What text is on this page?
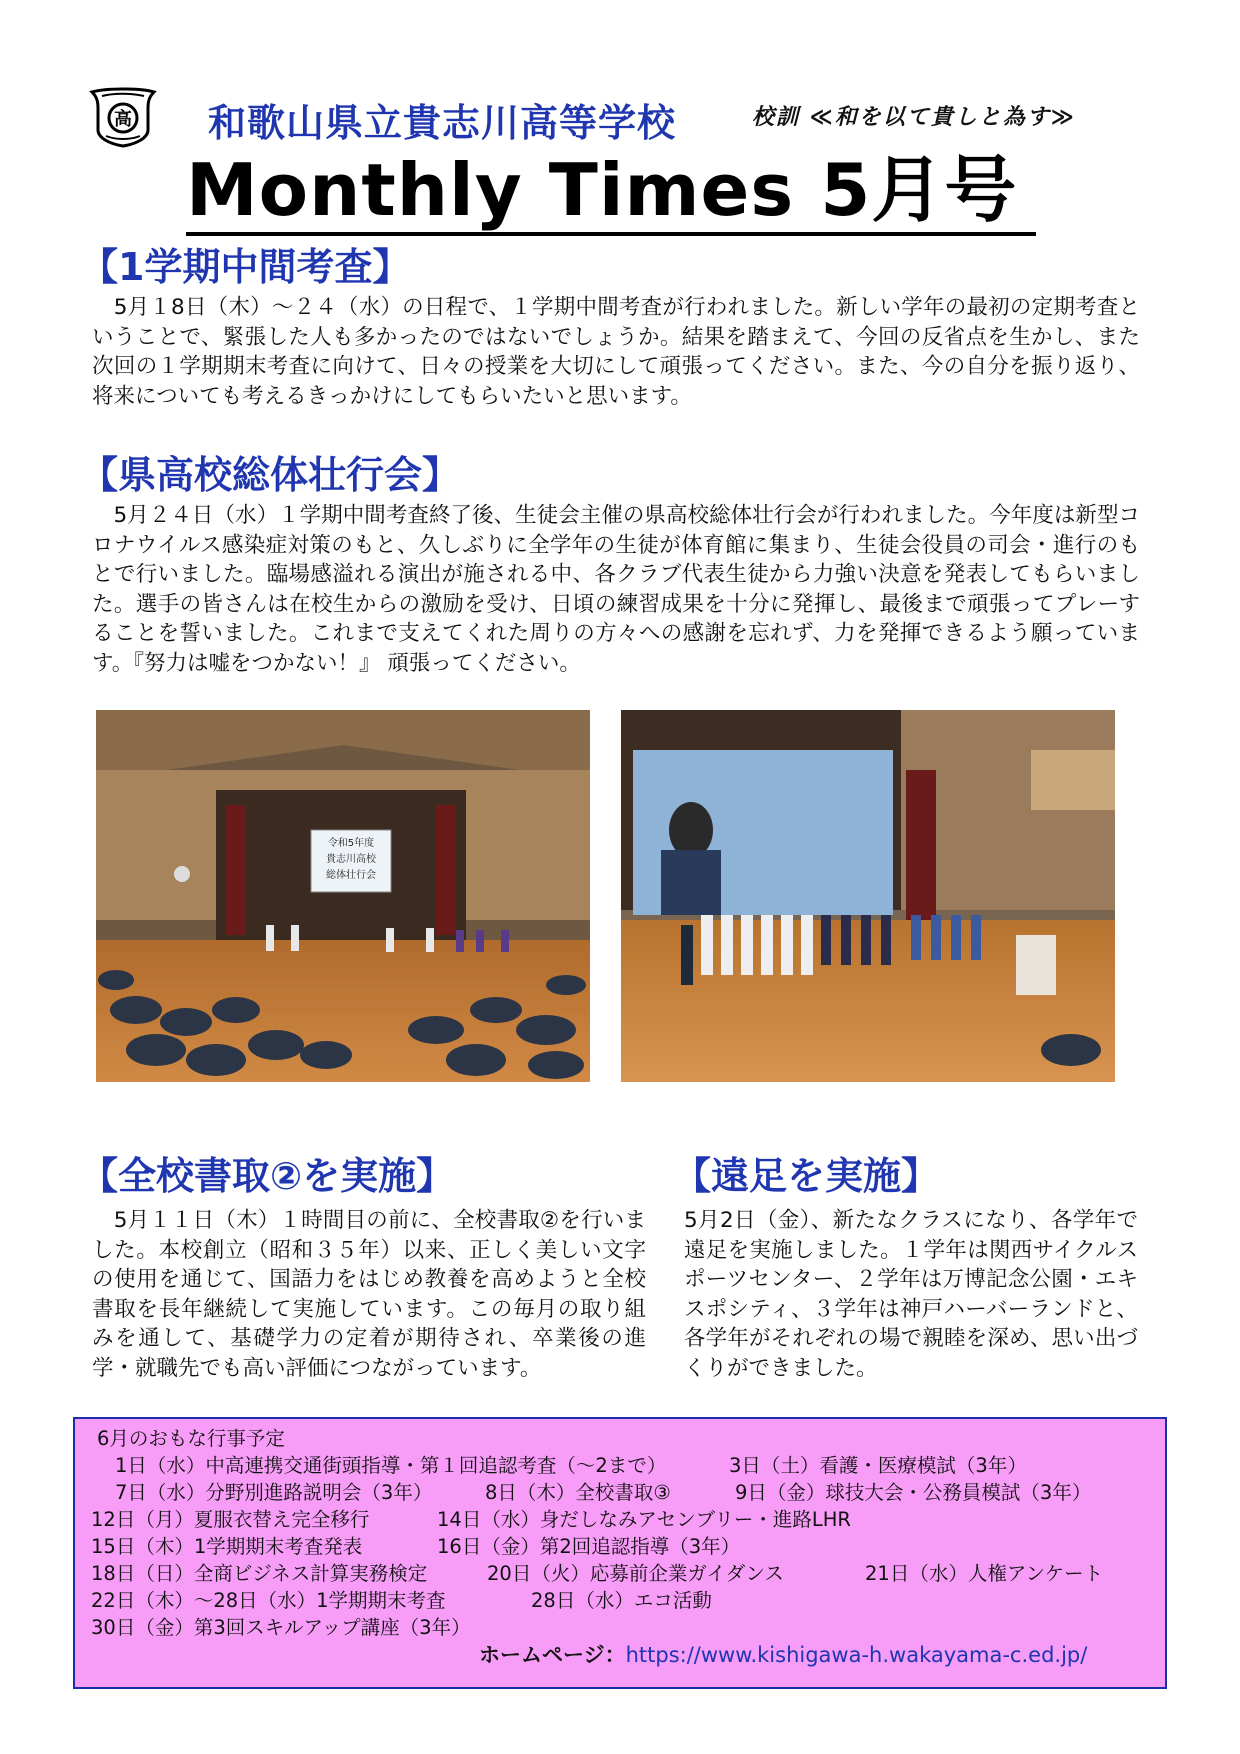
高 和歌山県立貴志川高等学校	校訓 ≪和を以て貴しと為す≫
Monthly Times 5月号
【1学期中間考査】
　5月１8日（木）～２４（水）の日程で、１学期中間考査が行われました。新しい学年の最初の定期考査ということで、緊張した人も多かったのではないでしょうか。結果を踏まえて、今回の反省点を生かし、また次回の１学期期末考査に向けて、日々の授業を大切にして頑張ってください。また、今の自分を振り返り、将来についても考えるきっかけにしてもらいたいと思います。
【県高校総体壮行会】
　5月２４日（水）１学期中間考査終了後、生徒会主催の県高校総体壮行会が行われました。今年度は新型コロナウイルス感染症対策のもと、久しぶりに全学年の生徒が体育館に集まり、生徒会役員の司会・進行のもとで行いました。臨場感溢れる演出が施される中、各クラブ代表生徒から力強い決意を発表してもらいました。選手の皆さんは在校生からの激励を受け、日頃の練習成果を十分に発揮し、最後まで頑張ってプレーすることを誓いました。これまで支えてくれた周りの方々への感謝を忘れず、力を発揮できるよう願っています。『努力は嘘をつかない！』 頑張ってください。
令和5年度
貴志川高校
総体壮行会
【全校書取②を実施】
　5月１１日（木）１時間目の前に、全校書取②を行いました。本校創立（昭和３５年）以来、正しく美しい文字の使用を通じて、国語力をはじめ教養を高めようと全校書取を長年継続して実施しています。この毎月の取り組みを通して、基礎学力の定着が期待され、卒業後の進学・就職先でも高い評価につながっています。
【遠足を実施】
5月2日（金）、新たなクラスになり、各学年で遠足を実施しました。１学年は関西サイクルスポーツセンター、２学年は万博記念公園・エキスポシティ、３学年は神戸ハーバーランドと、各学年がそれぞれの場で親睦を深め、思い出づくりができました。
6月のおもな行事予定
1日（水）中高連携交通街頭指導・第１回追認考査（～2まで）	3日（土）看護・医療模試（3年）
7日（水）分野別進路説明会（3年）	8日（木）全校書取③	9日（金）球技大会・公務員模試（3年）
12日（月）夏服衣替え完全移行	14日（水）身だしなみアセンブリー・進路LHR
15日（木）1学期期末考査発表	16日（金）第2回追認指導（3年）
18日（日）全商ビジネス計算実務検定	20日（火）応募前企業ガイダンス	21日（水）人権アンケート
22日（木）～28日（水）1学期期末考査	28日（水）エコ活動
30日（金）第3回スキルアップ講座（3年）
ホームページ：https://www.kishigawa-h.wakayama-c.ed.jp/
